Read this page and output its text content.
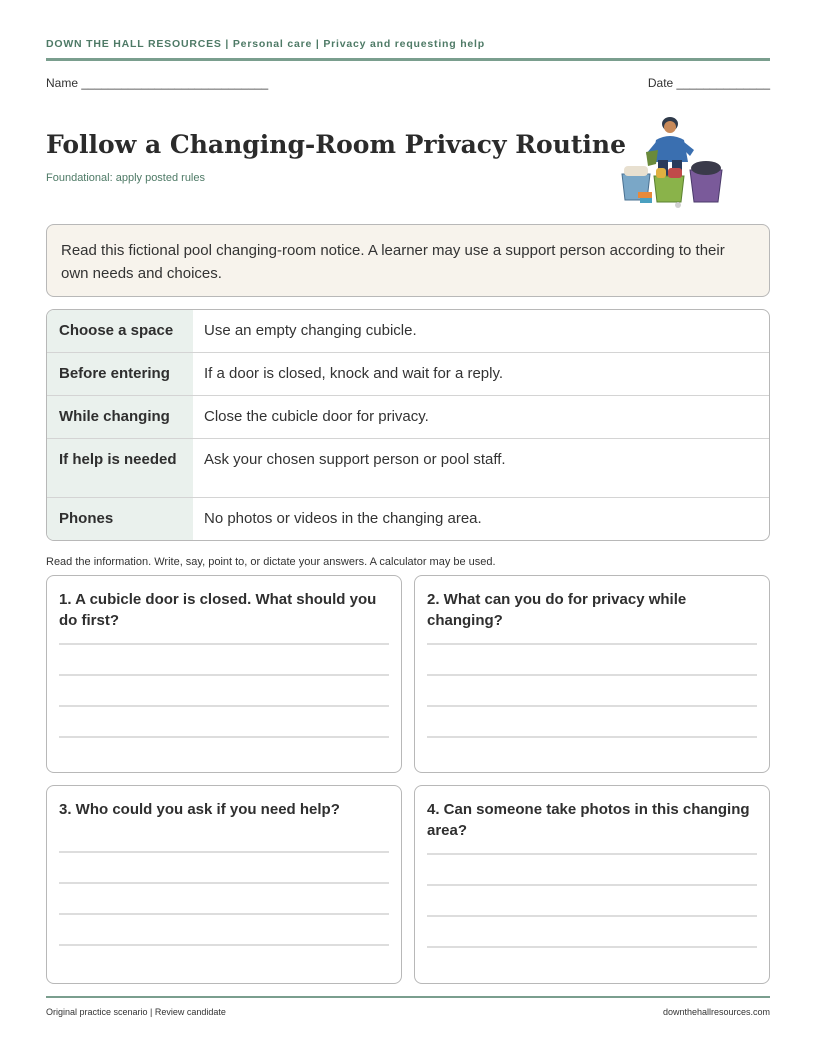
DOWN THE HALL RESOURCES | Personal care | Privacy and requesting help
Name ____________________________	Date ______________
Follow a Changing-Room Privacy Routine
Foundational: apply posted rules
Read this fictional pool changing-room notice. A learner may use a support person according to their own needs and choices.
Choose a space	Use an empty changing cubicle.
Before entering	If a door is closed, knock and wait for a reply.
While changing	Close the cubicle door for privacy.
If help is needed	Ask your chosen support person or pool staff.
Phones	No photos or videos in the changing area.
Read the information. Write, say, point to, or dictate your answers. A calculator may be used.
1. A cubicle door is closed. What should you do first?
2. What can you do for privacy while changing?
3. Who could you ask if you need help?	4. Can someone take photos in this changing area?
Original practice scenario | Review candidate	downthehallresources.com
